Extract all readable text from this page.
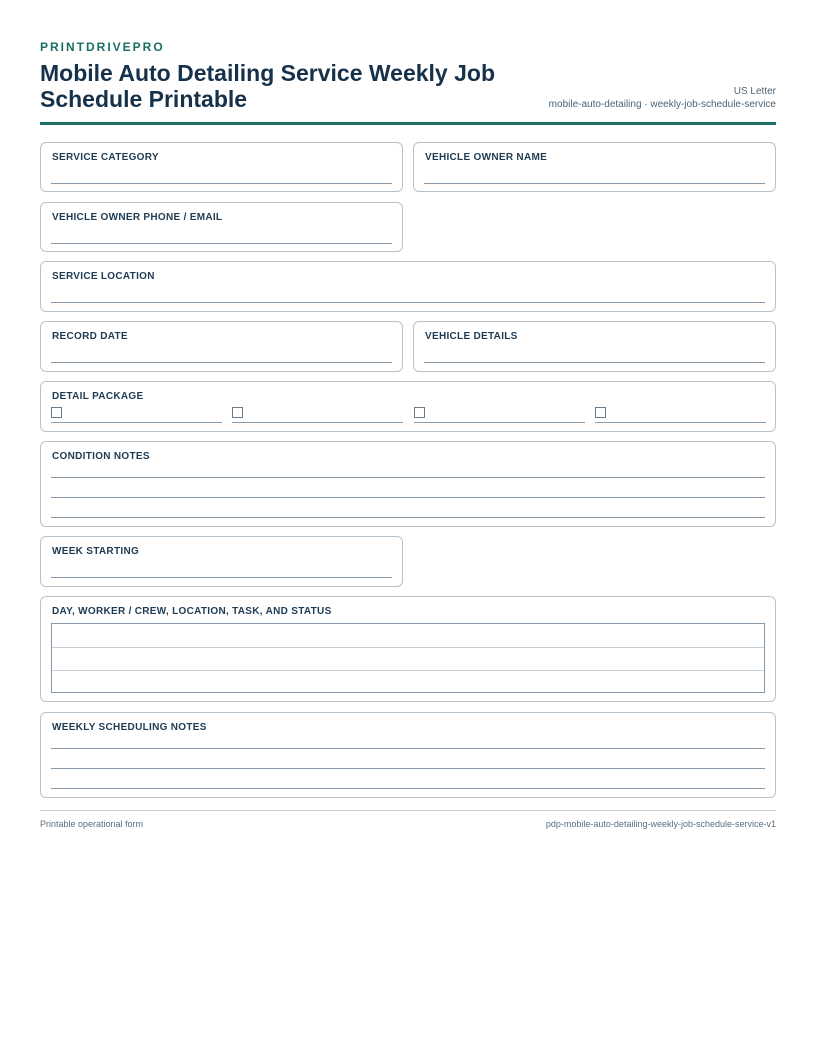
PRINTDRIVEPRO
Mobile Auto Detailing Service Weekly Job Schedule Printable	US Letter
mobile-auto-detailing · weekly-job-schedule-service
SERVICE CATEGORY	VEHICLE OWNER NAME
VEHICLE OWNER PHONE / EMAIL
SERVICE LOCATION
RECORD DATE	VEHICLE DETAILS
DETAIL PACKAGE
CONDITION NOTES
WEEK STARTING
DAY, WORKER / CREW, LOCATION, TASK, AND STATUS
WEEKLY SCHEDULING NOTES
Printable operational form	pdp-mobile-auto-detailing-weekly-job-schedule-service-v1
